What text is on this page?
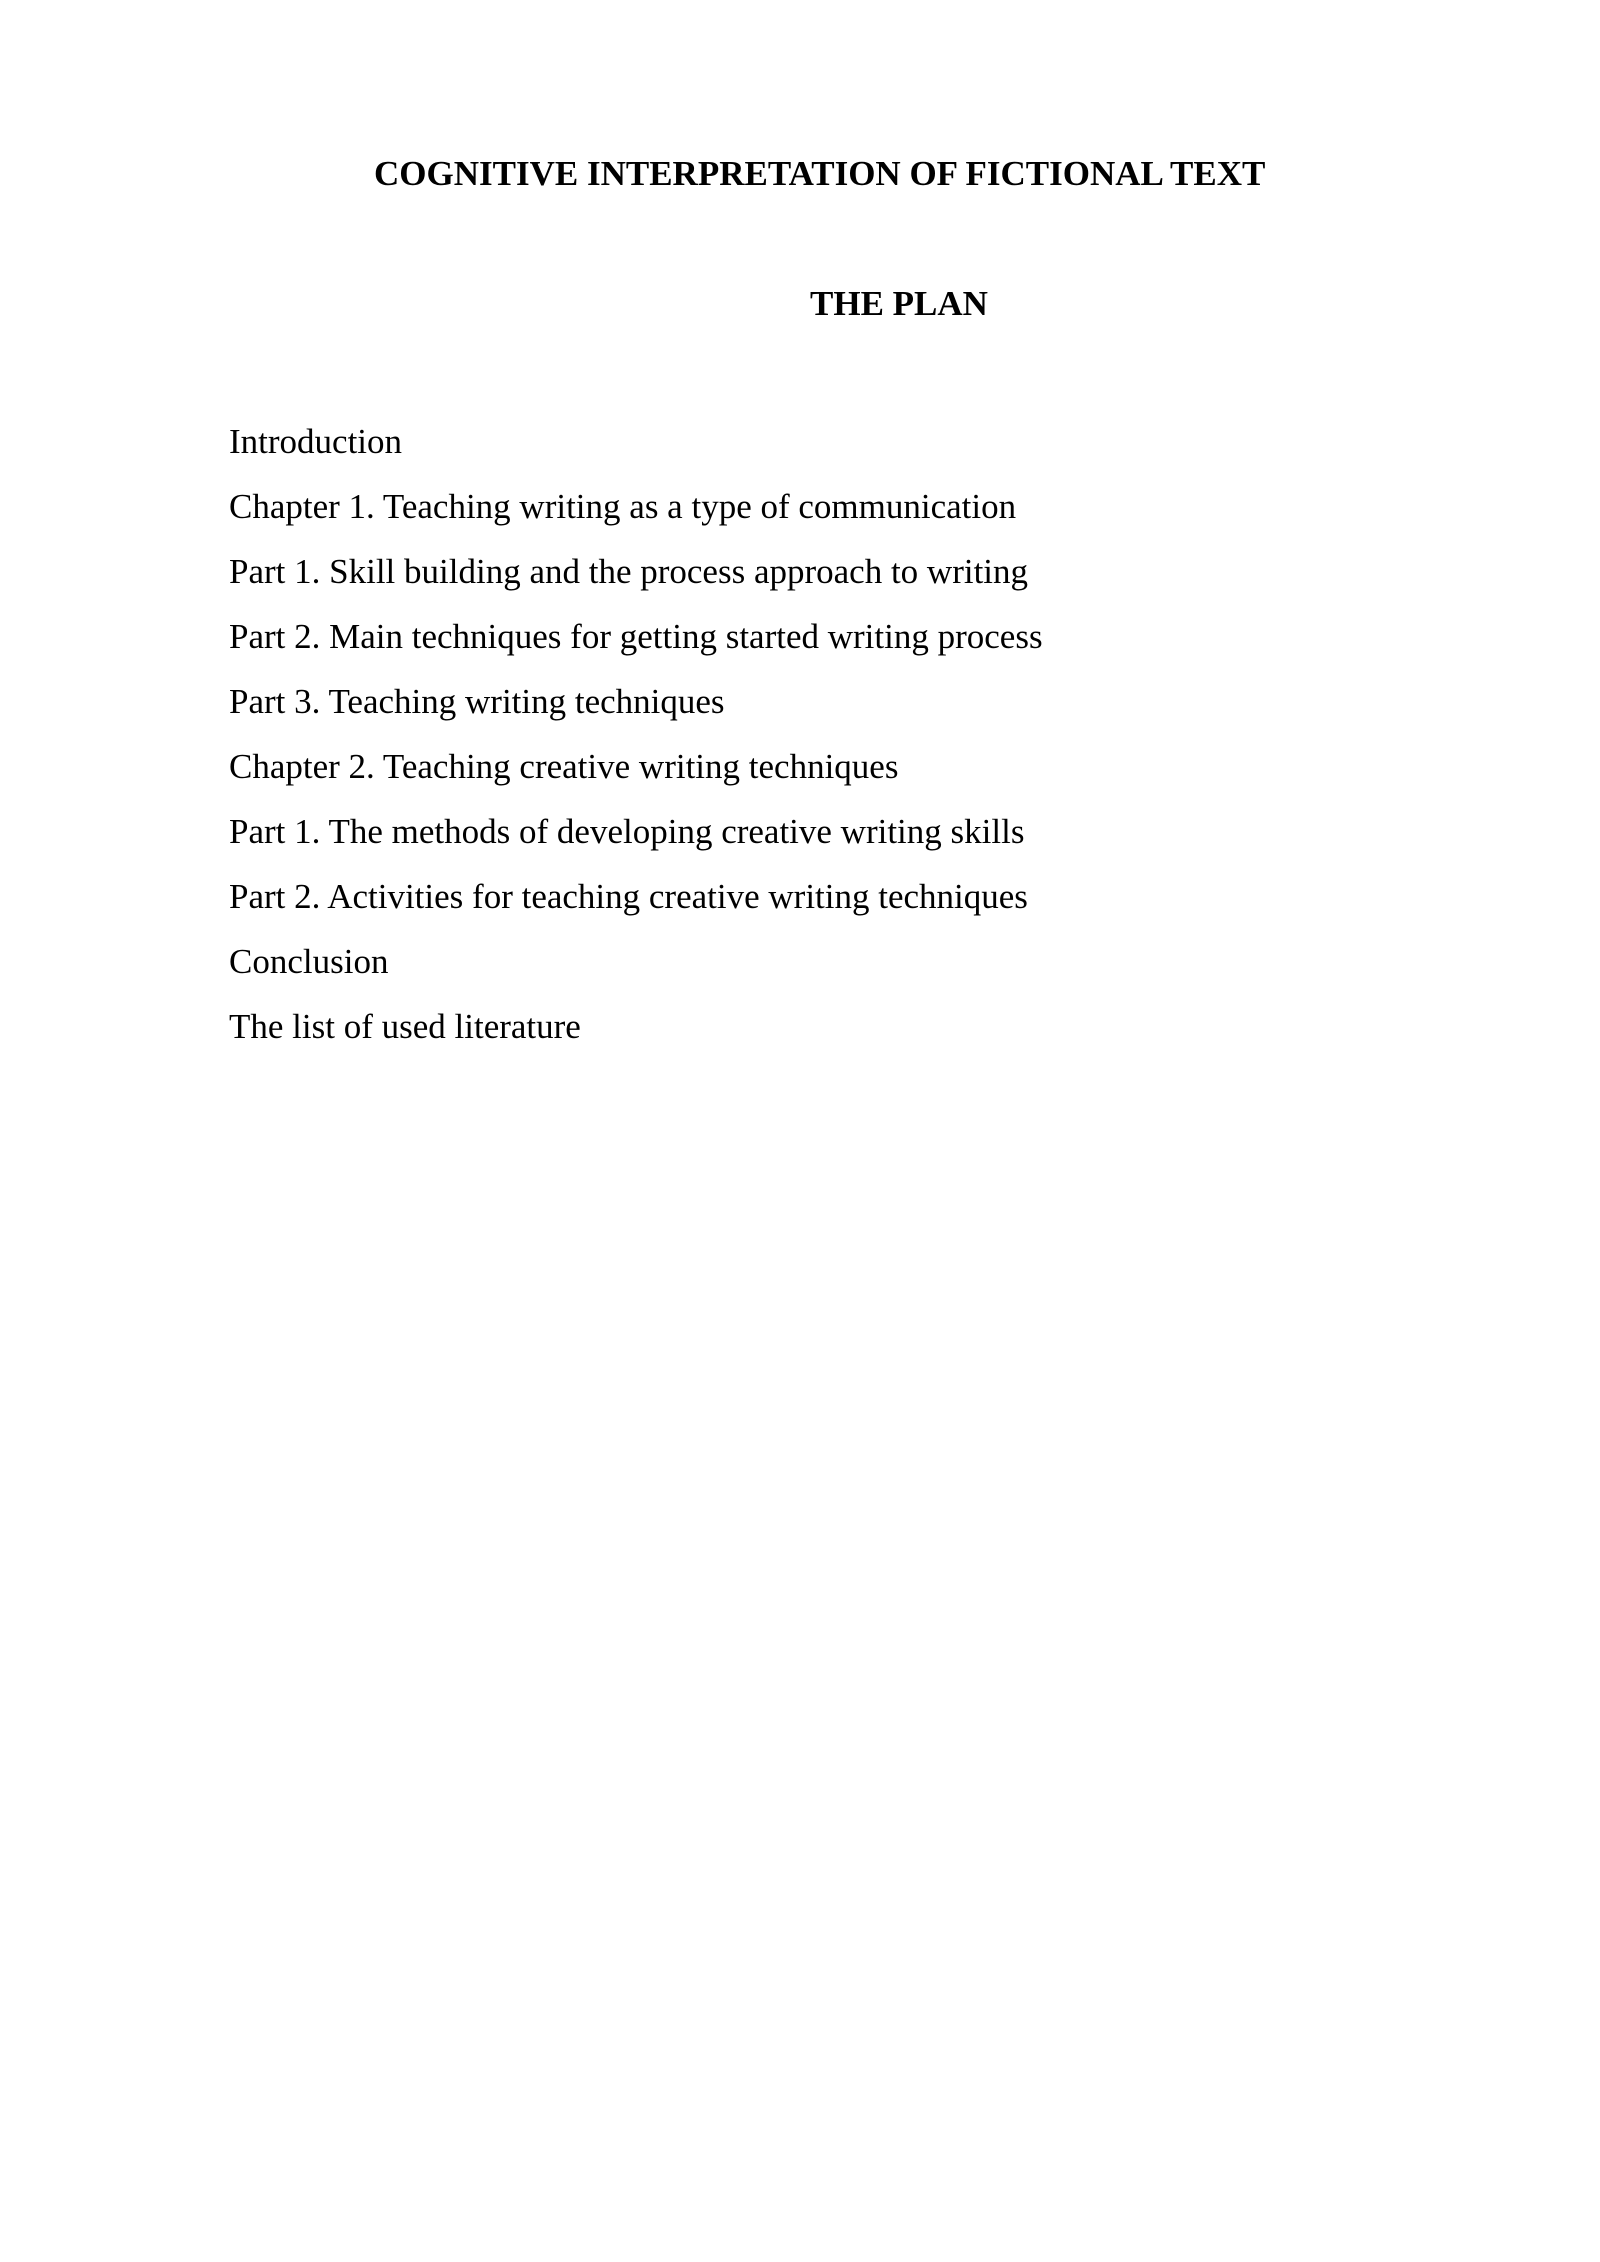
COGNITIVE INTERPRETATION OF FICTIONAL TEXT
THE PLAN
Introduction
Chapter 1. Teaching writing as a type of communication
Part 1. Skill building and the process approach to writing
Part 2. Main techniques for getting started writing process
Part 3. Teaching writing techniques
Chapter 2. Teaching creative writing techniques
Part 1. The methods of developing creative writing skills
Part 2. Activities for teaching creative writing techniques
Conclusion
The list of used literature
